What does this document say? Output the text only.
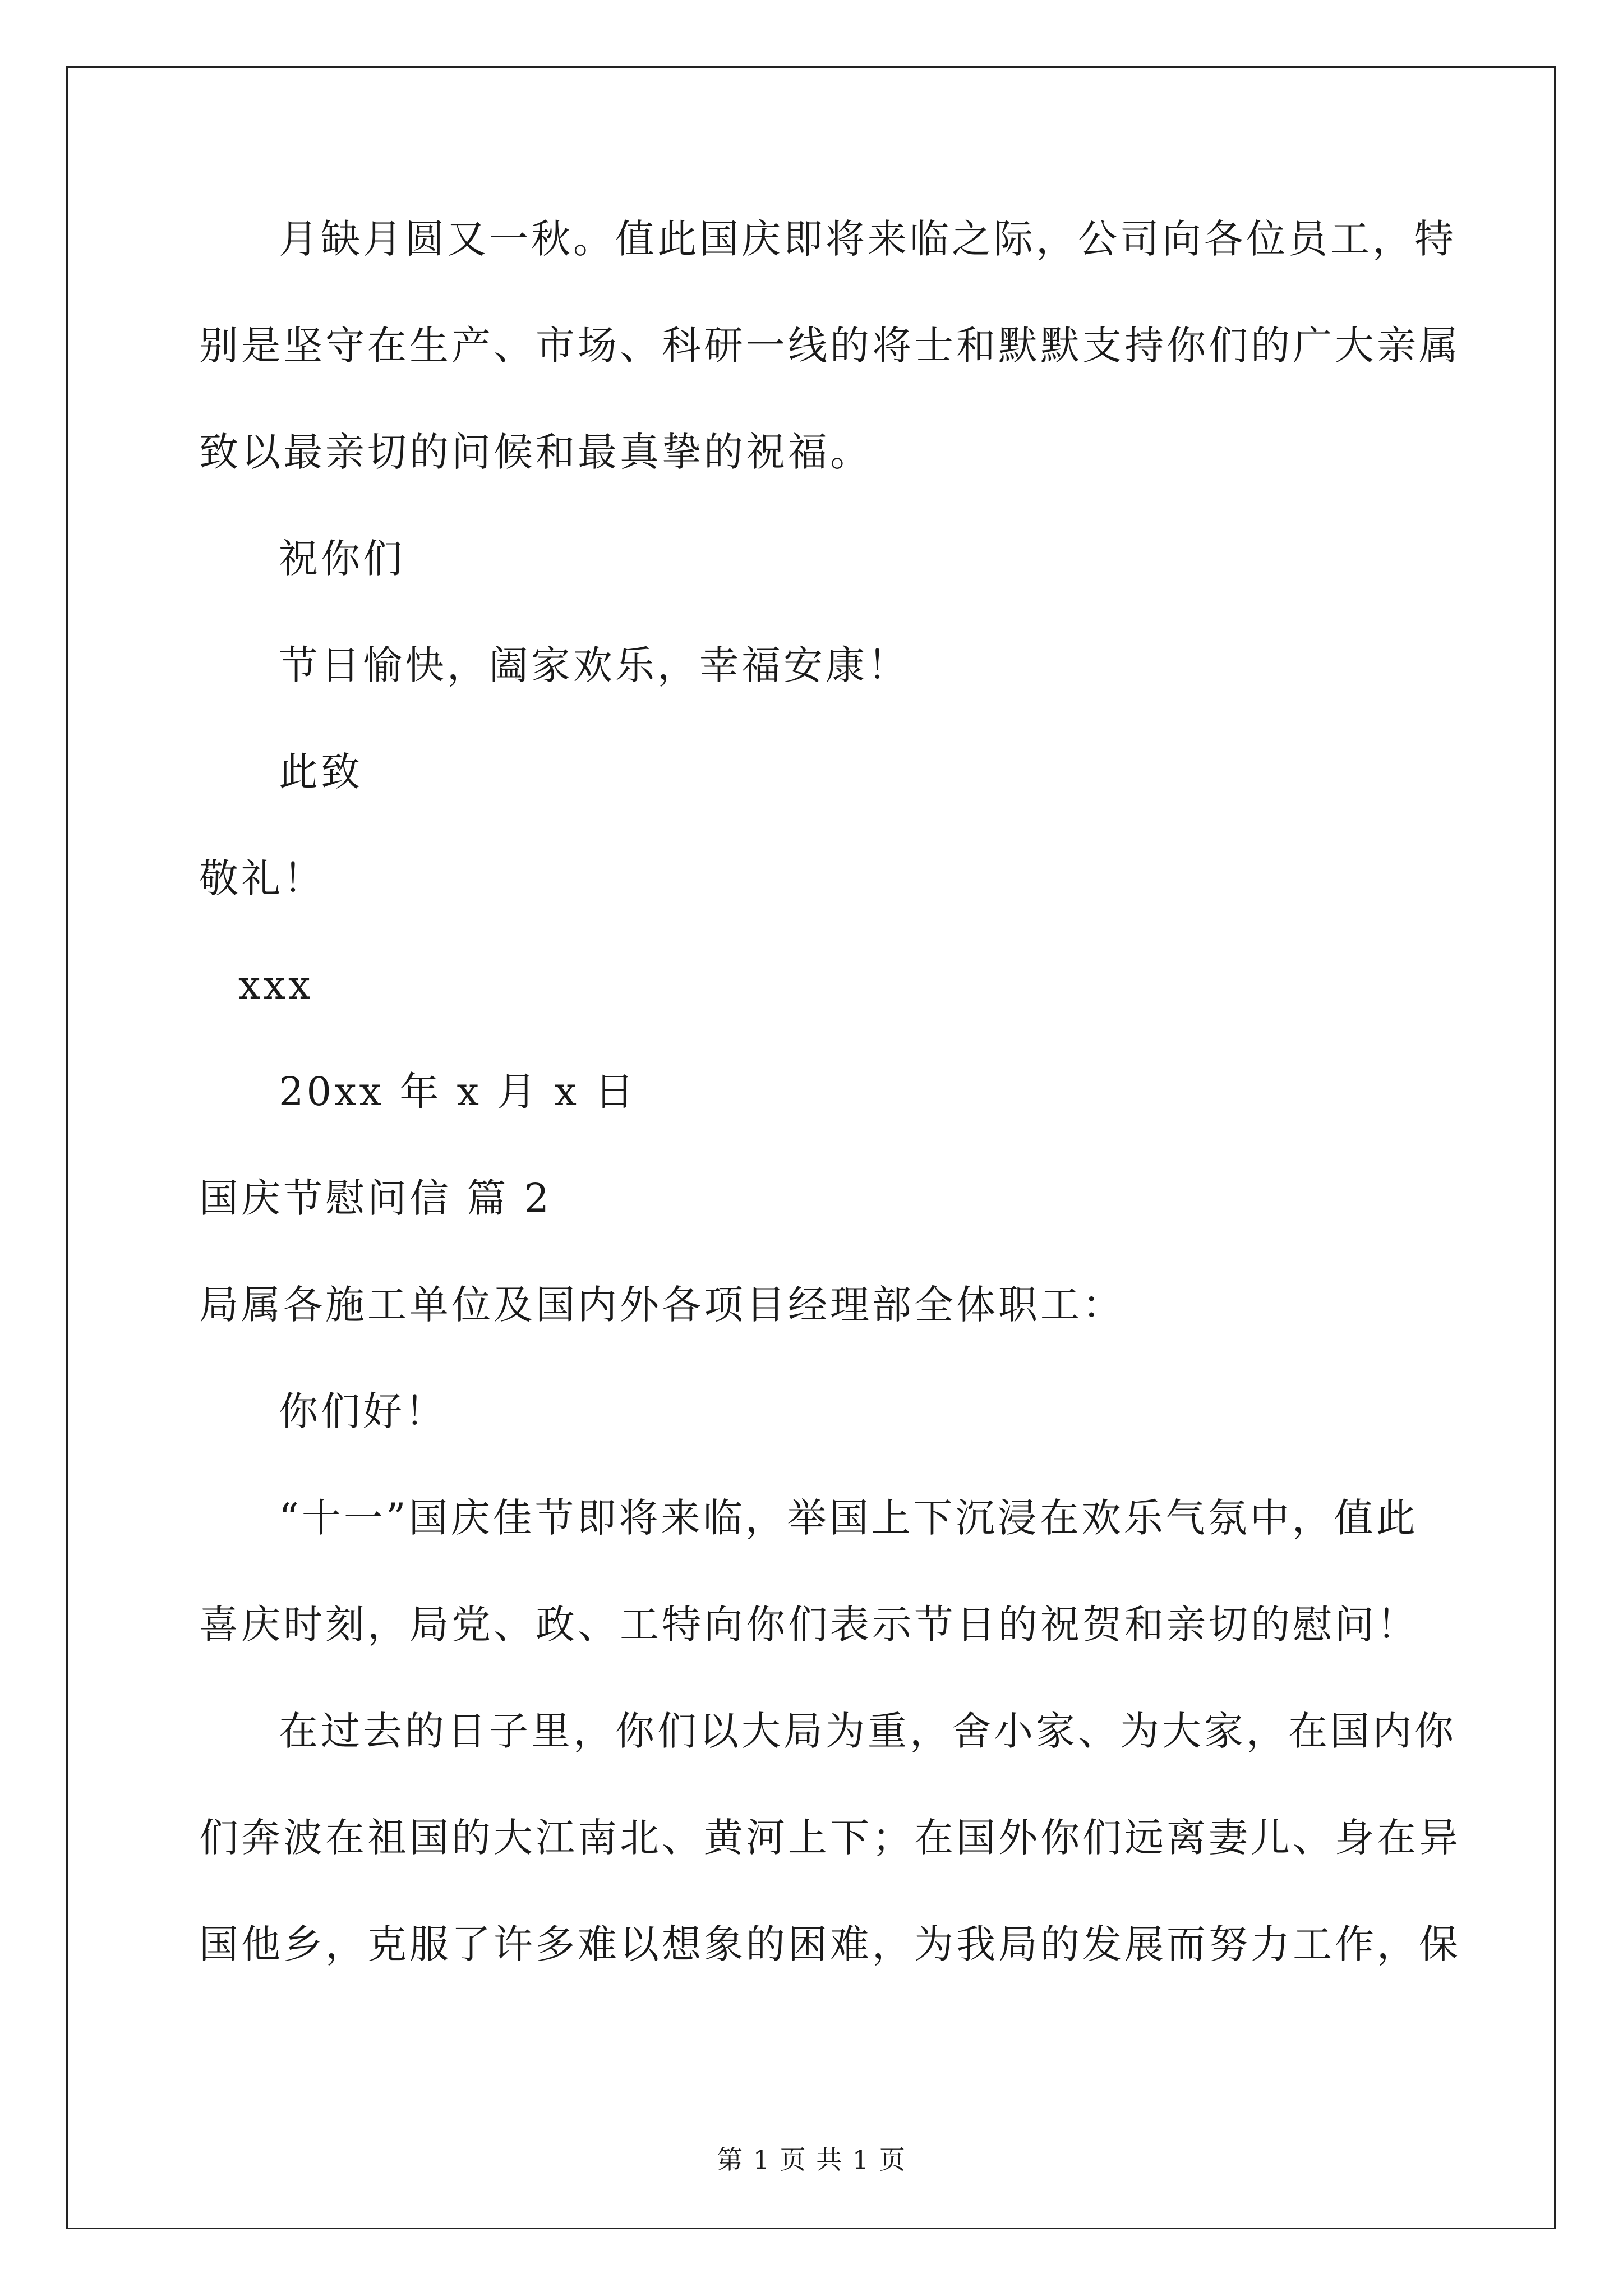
月缺月圆又一秋。值此国庆即将来临之际，公司向各位员工，特
别是坚守在生产、市场、科研一线的将士和默默支持你们的广大亲属
致以最亲切的问候和最真挚的祝福。
祝你们
节日愉快，阖家欢乐，幸福安康！
此致
敬礼！
xxx
20xx 年 x 月 x 日
国庆节慰问信 篇 2
局属各施工单位及国内外各项目经理部全体职工：
你们好！
“十一”国庆佳节即将来临，举国上下沉浸在欢乐气氛中，值此
喜庆时刻，局党、政、工特向你们表示节日的祝贺和亲切的慰问！
在过去的日子里，你们以大局为重，舍小家、为大家，在国内你
们奔波在祖国的大江南北、黄河上下；在国外你们远离妻儿、身在异
国他乡，克服了许多难以想象的困难，为我局的发展而努力工作，保
第 1 页 共 1 页
